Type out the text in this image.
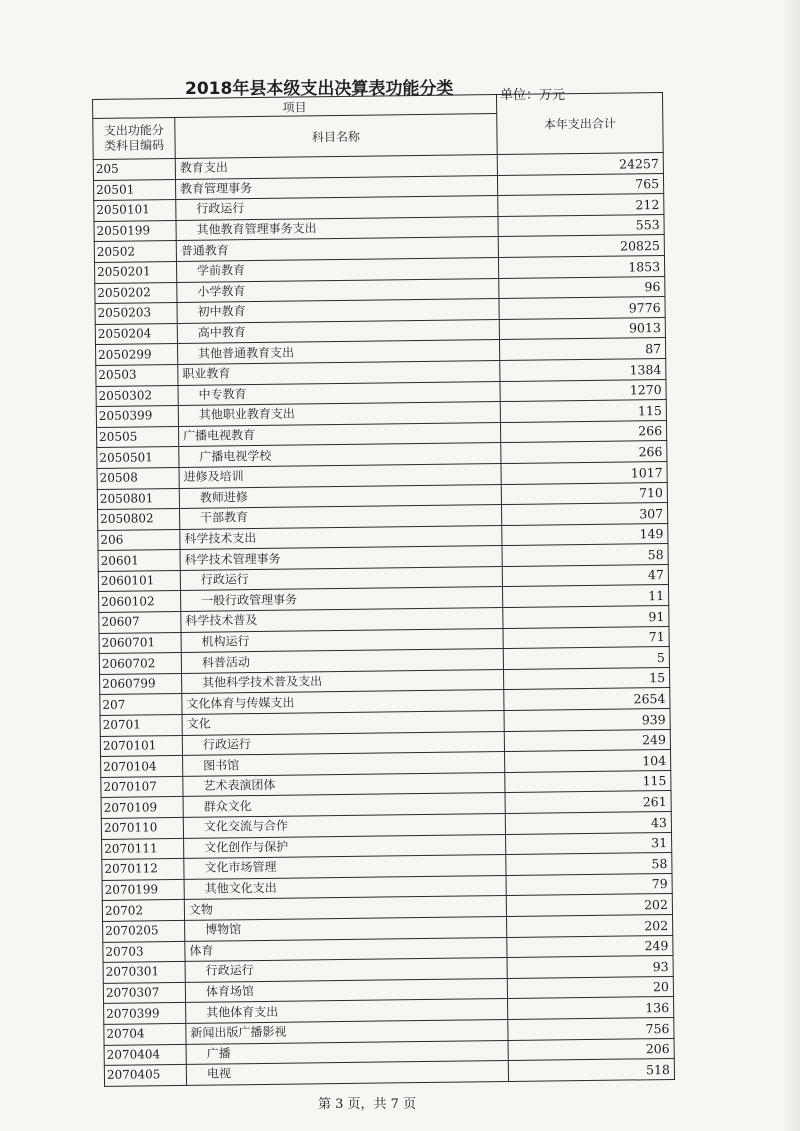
2018年县本级支出决算表功能分类	单位：万元
项目		本年支出合计

支出功能分类科目编码	科目名称	
205	教育支出	24257
20501	教育管理事务	765
2050101	行政运行	212
2050199	其他教育管理事务支出	553
20502	普通教育	20825
2050201	学前教育	1853
2050202	小学教育	96
2050203	初中教育	9776
2050204	高中教育	9013
2050299	其他普通教育支出	87
20503	职业教育	1384
2050302	中专教育	1270
2050399	其他职业教育支出	115
20505	广播电视教育	266
2050501	广播电视学校	266
20508	进修及培训	1017
2050801	教师进修	710
2050802	干部教育	307
206	科学技术支出	149
20601	科学技术管理事务	58
2060101	行政运行	47
2060102	一般行政管理事务	11
20607	科学技术普及	91
2060701	机构运行	71
2060702	科普活动	5
2060799	其他科学技术普及支出	15
207	文化体育与传媒支出	2654
20701	文化	939
2070101	行政运行	249
2070104	图书馆	104
2070107	艺术表演团体	115
2070109	群众文化	261
2070110	文化交流与合作	43
2070111	文化创作与保护	31
2070112	文化市场管理	58
2070199	其他文化支出	79
20702	文物	202
2070205	博物馆	202
20703	体育	249
2070301	行政运行	93
2070307	体育场馆	20
2070399	其他体育支出	136
20704	新闻出版广播影视	756
2070404	广播	206
2070405	电视	518
第 3 页，共 7 页
